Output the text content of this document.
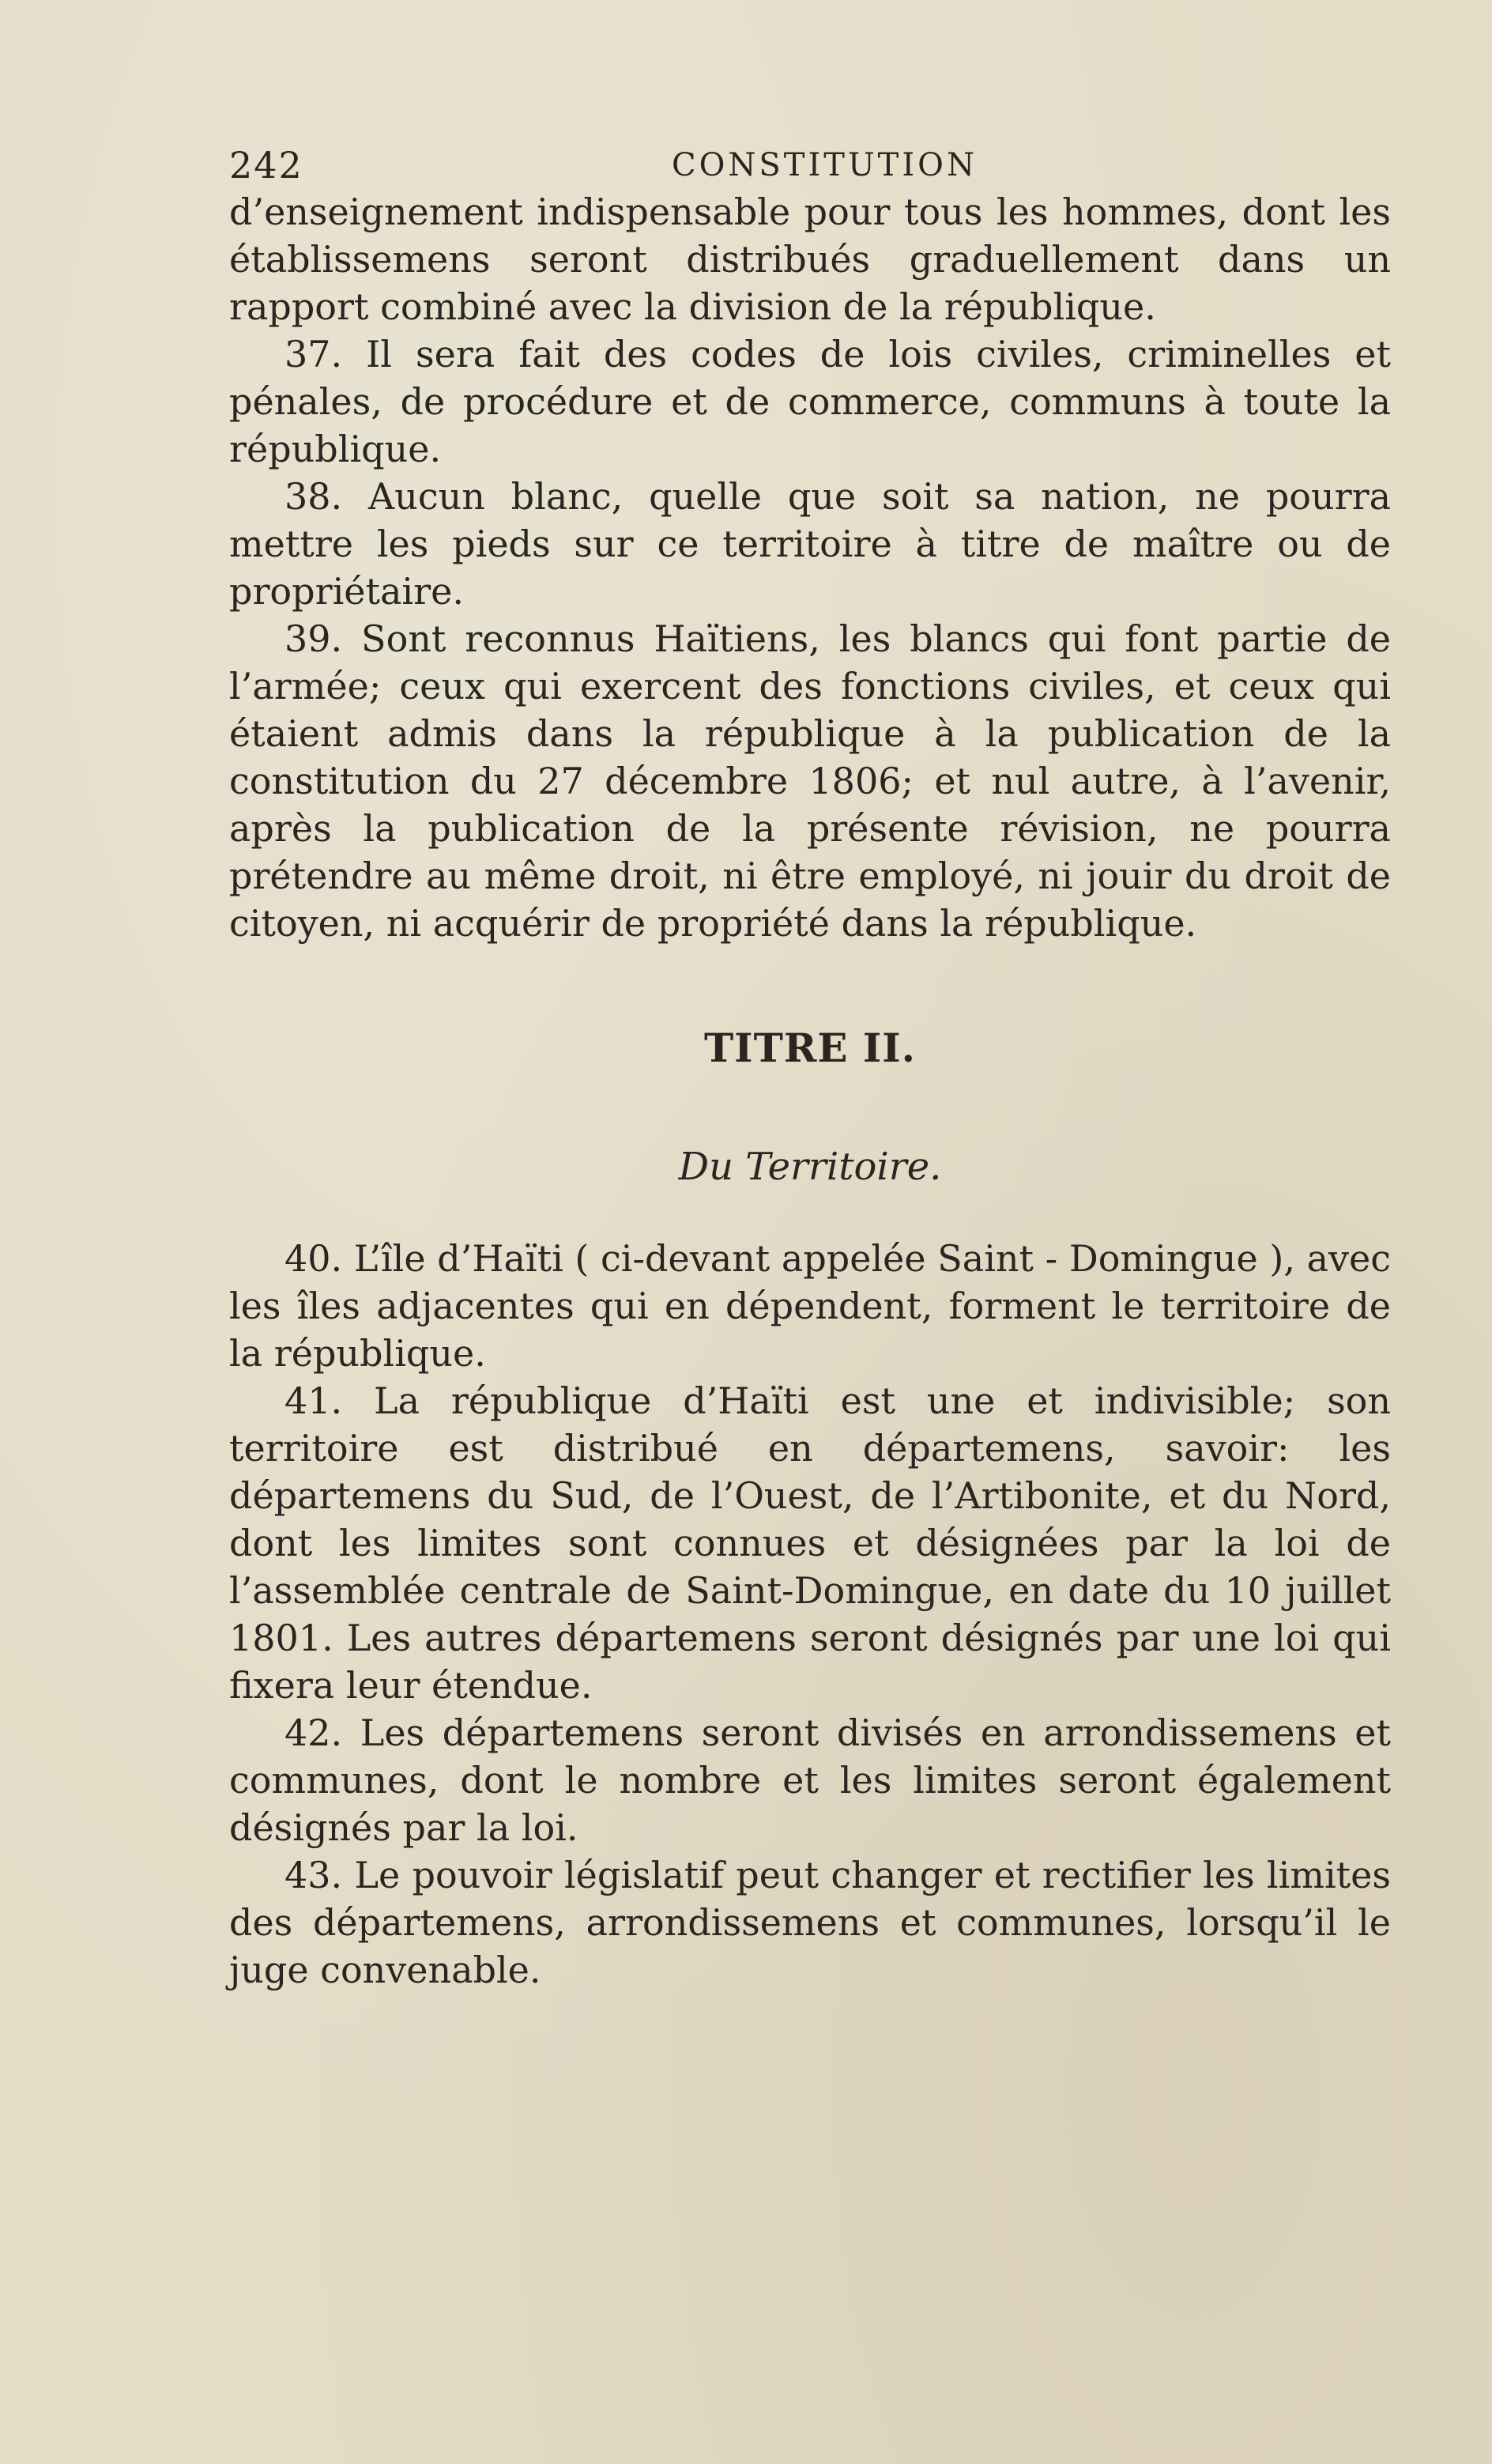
242	CONSTITUTION

d’enseignement indispensable pour tous les hommes, dont les établissemens seront distribués graduellement dans un rapport combiné avec la division de la république.

37. Il sera fait des codes de lois civiles, criminelles et pénales, de procédure et de commerce, communs à toute la république.

38. Aucun blanc, quelle que soit sa nation, ne pourra mettre les pieds sur ce territoire à titre de maître ou de propriétaire.

39. Sont reconnus Haïtiens, les blancs qui font partie de l’armée; ceux qui exercent des fonctions civiles, et ceux qui étaient admis dans la république à la publication de la constitution du 27 décembre 1806; et nul autre, à l’avenir, après la publication de la présente révision, ne pourra prétendre au même droit, ni être employé, ni jouir du droit de citoyen, ni acquérir de propriété dans la république.

TITRE II.
Du Territoire.

40. L’île d’Haïti ( ci-devant appelée Saint - Domingue ), avec les îles adjacentes qui en dépendent, forment le territoire de la république.

41. La république d’Haïti est une et indivisible; son territoire est distribué en départemens, savoir: les départemens du Sud, de l’Ouest, de l’Artibonite, et du Nord, dont les limites sont connues et désignées par la loi de l’assemblée centrale de Saint-Domingue, en date du 10 juillet 1801. Les autres départemens seront désignés par une loi qui fixera leur étendue.

42. Les départemens seront divisés en arrondissemens et communes, dont le nombre et les limites seront également désignés par la loi.

43. Le pouvoir législatif peut changer et rectifier les limites des départemens, arrondissemens et communes, lorsqu’il le juge convenable.
